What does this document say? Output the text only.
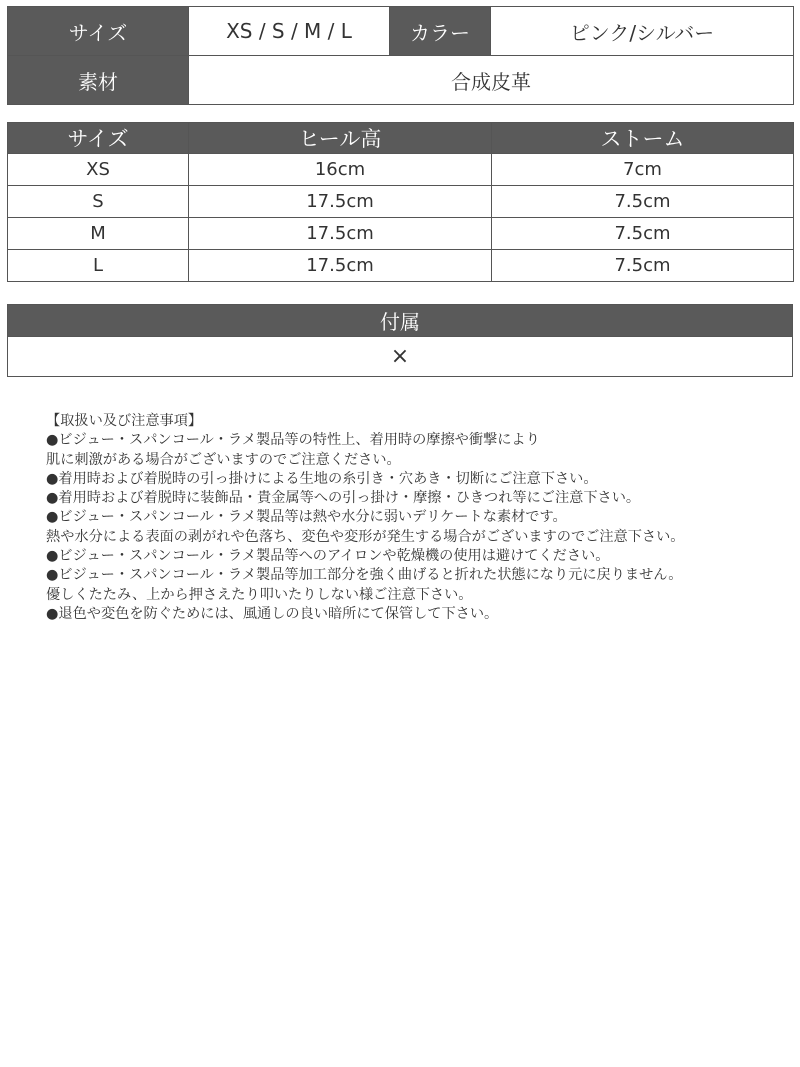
サイズ	XS / S / M / L	カラー	ピンク/シルバー
素材	合成皮革		
サイズ	ヒール高	ストーム
XS	16cm	7cm
S	17.5cm	7.5cm
M	17.5cm	7.5cm
L	17.5cm	7.5cm
付属
×
【取扱い及び注意事項】
●ビジュー・スパンコール・ラメ製品等の特性上、着用時の摩擦や衝撃により
肌に刺激がある場合がございますのでご注意ください。
●着用時および着脱時の引っ掛けによる生地の糸引き・穴あき・切断にご注意下さい。
●着用時および着脱時に装飾品・貴金属等への引っ掛け・摩擦・ひきつれ等にご注意下さい。
●ビジュー・スパンコール・ラメ製品等は熱や水分に弱いデリケートな素材です。
熱や水分による表面の剥がれや色落ち、変色や変形が発生する場合がございますのでご注意下さい。
●ビジュー・スパンコール・ラメ製品等へのアイロンや乾燥機の使用は避けてください。
●ビジュー・スパンコール・ラメ製品等加工部分を強く曲げると折れた状態になり元に戻りません。
優しくたたみ、上から押さえたり叩いたりしない様ご注意下さい。
●退色や変色を防ぐためには、風通しの良い暗所にて保管して下さい。
